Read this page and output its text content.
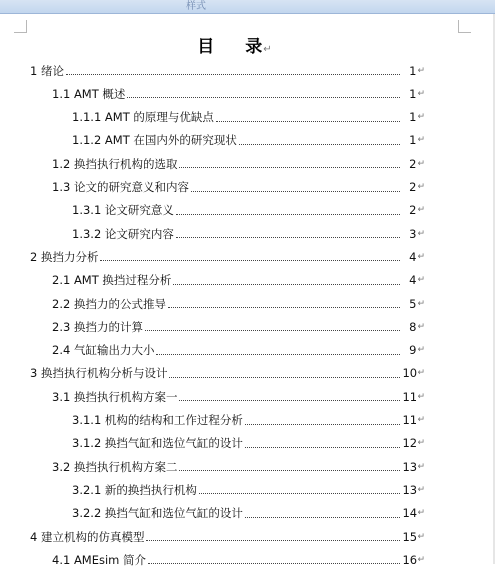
样式
目 录↵
1 绪论	1 ↵
1.1 AMT 概述	1 ↵
1.1.1 AMT 的原理与优缺点	1 ↵
1.1.2 AMT 在国内外的研究现状	1 ↵
1.2 换挡执行机构的选取	2 ↵
1.3 论文的研究意义和内容	2 ↵
1.3.1 论文研究意义	2 ↵
1.3.2 论文研究内容	3 ↵
2 换挡力分析	4 ↵
2.1 AMT 换挡过程分析	4 ↵
2.2 换挡力的公式推导	5 ↵
2.3 换挡力的计算	8 ↵
2.4 气缸输出力大小	9 ↵
3 换挡执行机构分析与设计	10 ↵
3.1 换挡执行机构方案一	11 ↵
3.1.1 机构的结构和工作过程分析	11 ↵
3.1.2 换挡气缸和选位气缸的设计	12 ↵
3.2 换挡执行机构方案二	13 ↵
3.2.1 新的换挡执行机构	13 ↵
3.2.2 换挡气缸和选位气缸的设计	14 ↵
4 建立机构的仿真模型	15 ↵
4.1 AMEsim 简介	16 ↵
